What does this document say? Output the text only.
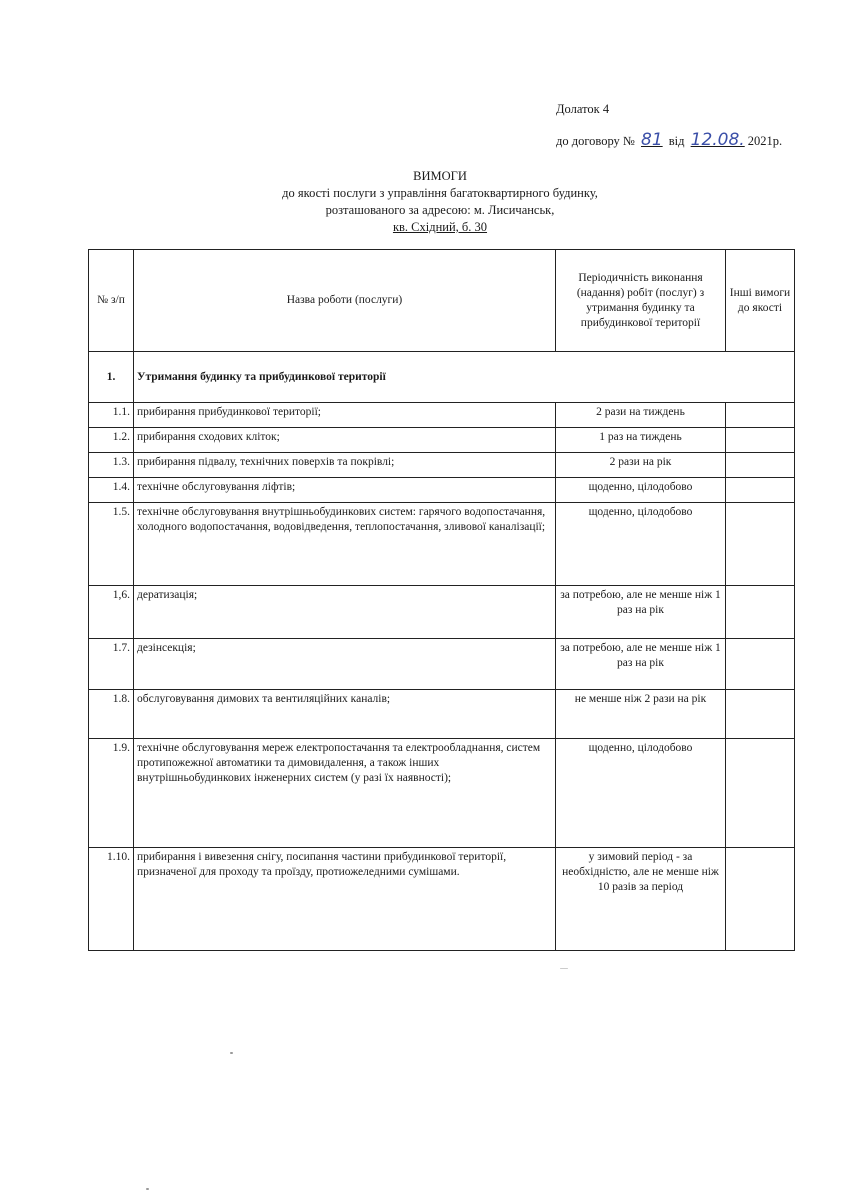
Долаток 4
до договору № 81 від 12.08. 2021р.
ВИМОГИ
до якості послуги з управління багатоквартирного будинку,
розташованого за адресою: м. Лисичанськ,
кв. Східний, б. 30
№ з/п	Назва роботи (послуги)	Періодичність виконання (надання) робіт (послуг) з утримання будинку та прибудинкової території	Інші вимоги до якості
1.	Утримання будинку та прибудинкової території		
1.1.	прибирання прибудинкової території;	2 рази на тиждень	
1.2.	прибирання сходових кліток;	1 раз на тиждень	
1.3.	прибирання підвалу, технічних поверхів та покрівлі;	2 рази на рік	
1.4.	технічне обслуговування ліфтів;	щоденно, цілодобово	
1.5.	технічне обслуговування внутрішньобудинкових систем: гарячого водопостачання, холодного водопостачання, водовідведення, теплопостачання, зливової каналізації;	щоденно, цілодобово	
1,6.	дератизація;	за потребою, але не менше ніж 1 раз на рік	
1.7.	дезінсекція;	за потребою, але не менше ніж 1 раз на рік	
1.8.	обслуговування димових та вентиляційних каналів;	не менше ніж 2 рази на рік	
1.9.	технічне обслуговування мереж електропостачання та електрообладнання, систем протипожежної автоматики та димовидалення, а також інших внутрішньобудинкових інженерних систем (у разі їх наявності);	щоденно, цілодобово	
1.10.	прибирання і вивезення снігу, посипання частини прибудинкової території, призначеної для проходу та проїзду, протиожеледними сумішами.	у зимовий період - за необхідністю, але не менше ніж 10 разів за період	
